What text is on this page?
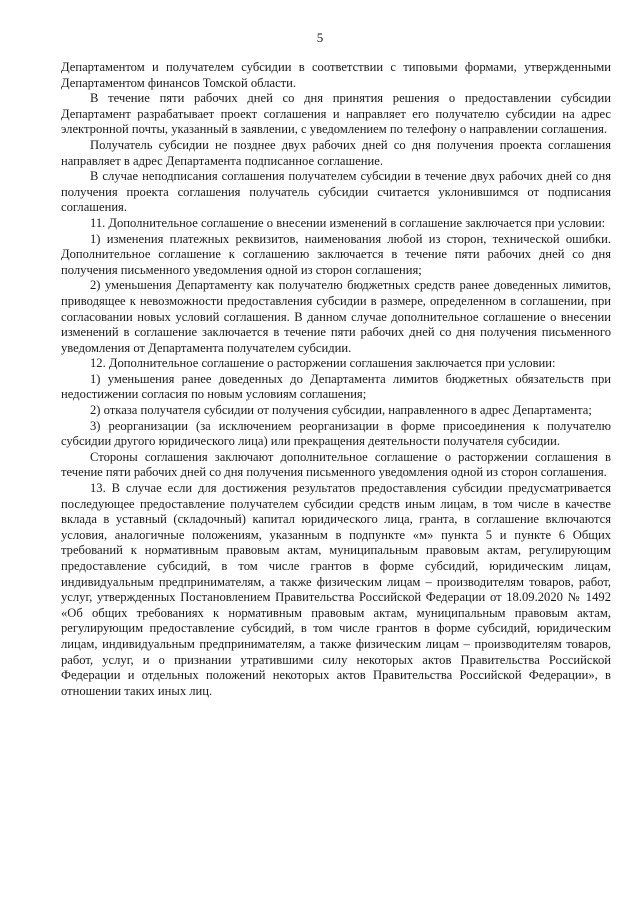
5

Департаментом и получателем субсидии в соответствии с типовыми формами, утвержденными Департаментом финансов Томской области.

В течение пяти рабочих дней со дня принятия решения о предоставлении субсидии Департамент разрабатывает проект соглашения и направляет его получателю субсидии на адрес электронной почты, указанный в заявлении, с уведомлением по телефону о направлении соглашения.

Получатель субсидии не позднее двух рабочих дней со дня получения проекта соглашения направляет в адрес Департамента подписанное соглашение.

В случае неподписания соглашения получателем субсидии в течение двух рабочих дней со дня получения проекта соглашения получатель субсидии считается уклонившимся от подписания соглашения.

11. Дополнительное соглашение о внесении изменений в соглашение заключается при условии:

1) изменения платежных реквизитов, наименования любой из сторон, технической ошибки. Дополнительное соглашение к соглашению заключается в течение пяти рабочих дней со дня получения письменного уведомления одной из сторон соглашения;

2) уменьшения Департаменту как получателю бюджетных средств ранее доведенных лимитов, приводящее к невозможности предоставления субсидии в размере, определенном в соглашении, при согласовании новых условий соглашения. В данном случае дополнительное соглашение о внесении изменений в соглашение заключается в течение пяти рабочих дней со дня получения письменного уведомления от Департамента получателем субсидии.

12. Дополнительное соглашение о расторжении соглашения заключается при условии:

1) уменьшения ранее доведенных до Департамента лимитов бюджетных обязательств при недостижении согласия по новым условиям соглашения;

2) отказа получателя субсидии от получения субсидии, направленного в адрес Департамента;

3) реорганизации (за исключением реорганизации в форме присоединения к получателю субсидии другого юридического лица) или прекращения деятельности получателя субсидии.

Стороны соглашения заключают дополнительное соглашение о расторжении соглашения в течение пяти рабочих дней со дня получения письменного уведомления одной из сторон соглашения.

13. В случае если для достижения результатов предоставления субсидии предусматривается последующее предоставление получателем субсидии средств иным лицам, в том числе в качестве вклада в уставный (складочный) капитал юридического лица, гранта, в соглашение включаются условия, аналогичные положениям, указанным в подпункте «м» пункта 5 и пункте 6 Общих требований к нормативным правовым актам, муниципальным правовым актам, регулирующим предоставление субсидий, в том числе грантов в форме субсидий, юридическим лицам, индивидуальным предпринимателям, а также физическим лицам – производителям товаров, работ, услуг, утвержденных Постановлением Правительства Российской Федерации от 18.09.2020 № 1492 «Об общих требованиях к нормативным правовым актам, муниципальным правовым актам, регулирующим предоставление субсидий, в том числе грантов в форме субсидий, юридическим лицам, индивидуальным предпринимателям, а также физическим лицам – производителям товаров, работ, услуг, и о признании утратившими силу некоторых актов Правительства Российской Федерации и отдельных положений некоторых актов Правительства Российской Федерации», в отношении таких иных лиц.
